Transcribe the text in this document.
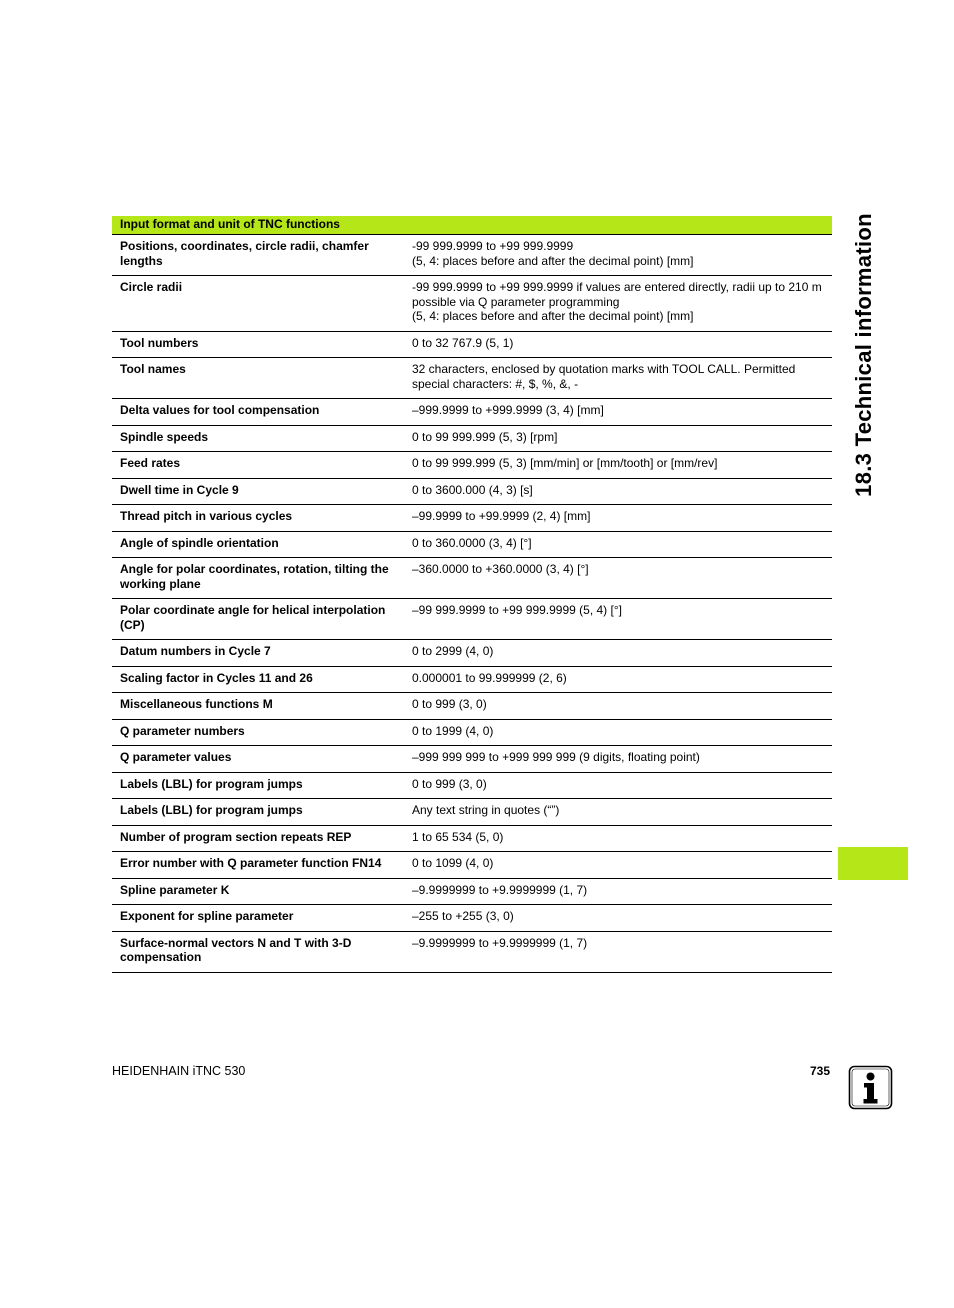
Input format and unit of TNC functions	
Positions, coordinates, circle radii, chamfer lengths	-99 999.9999 to +99 999.9999
(5, 4: places before and after the decimal point) [mm]
Circle radii	-99 999.9999 to +99 999.9999 if values are entered directly, radii up to 210 m possible via Q parameter programming
(5, 4: places before and after the decimal point) [mm]
Tool numbers	0 to 32 767.9 (5, 1)
Tool names	32 characters, enclosed by quotation marks with TOOL CALL. Permitted special characters: #, $, %, &, -
Delta values for tool compensation	–999.9999 to +999.9999 (3, 4) [mm]
Spindle speeds	0 to 99 999.999 (5, 3) [rpm]
Feed rates	0 to 99 999.999 (5, 3) [mm/min] or [mm/tooth] or [mm/rev]
Dwell time in Cycle 9	0 to 3600.000 (4, 3) [s]
Thread pitch in various cycles	–99.9999 to +99.9999 (2, 4) [mm]
Angle of spindle orientation	0 to 360.0000 (3, 4) [°]
Angle for polar coordinates, rotation, tilting the working plane	–360.0000 to +360.0000 (3, 4) [°]
Polar coordinate angle for helical interpolation (CP)	–99 999.9999 to +99 999.9999 (5, 4) [°]
Datum numbers in Cycle 7	0 to 2999 (4, 0)
Scaling factor in Cycles 11 and 26	0.000001 to 99.999999 (2, 6)
Miscellaneous functions M	0 to 999 (3, 0)
Q parameter numbers	0 to 1999 (4, 0)
Q parameter values	–999 999 999 to +999 999 999 (9 digits, floating point)
Labels (LBL) for program jumps	0 to 999 (3, 0)
Labels (LBL) for program jumps	Any text string in quotes (“”)
Number of program section repeats REP	1 to 65 534 (5, 0)
Error number with Q parameter function FN14	0 to 1099 (4, 0)
Spline parameter K	–9.9999999 to +9.9999999 (1, 7)
Exponent for spline parameter	–255 to +255 (3, 0)
Surface-normal vectors N and T with 3-D compensation	–9.9999999 to +9.9999999 (1, 7)
18.3 Technical information
HEIDENHAIN iTNC 530	735
